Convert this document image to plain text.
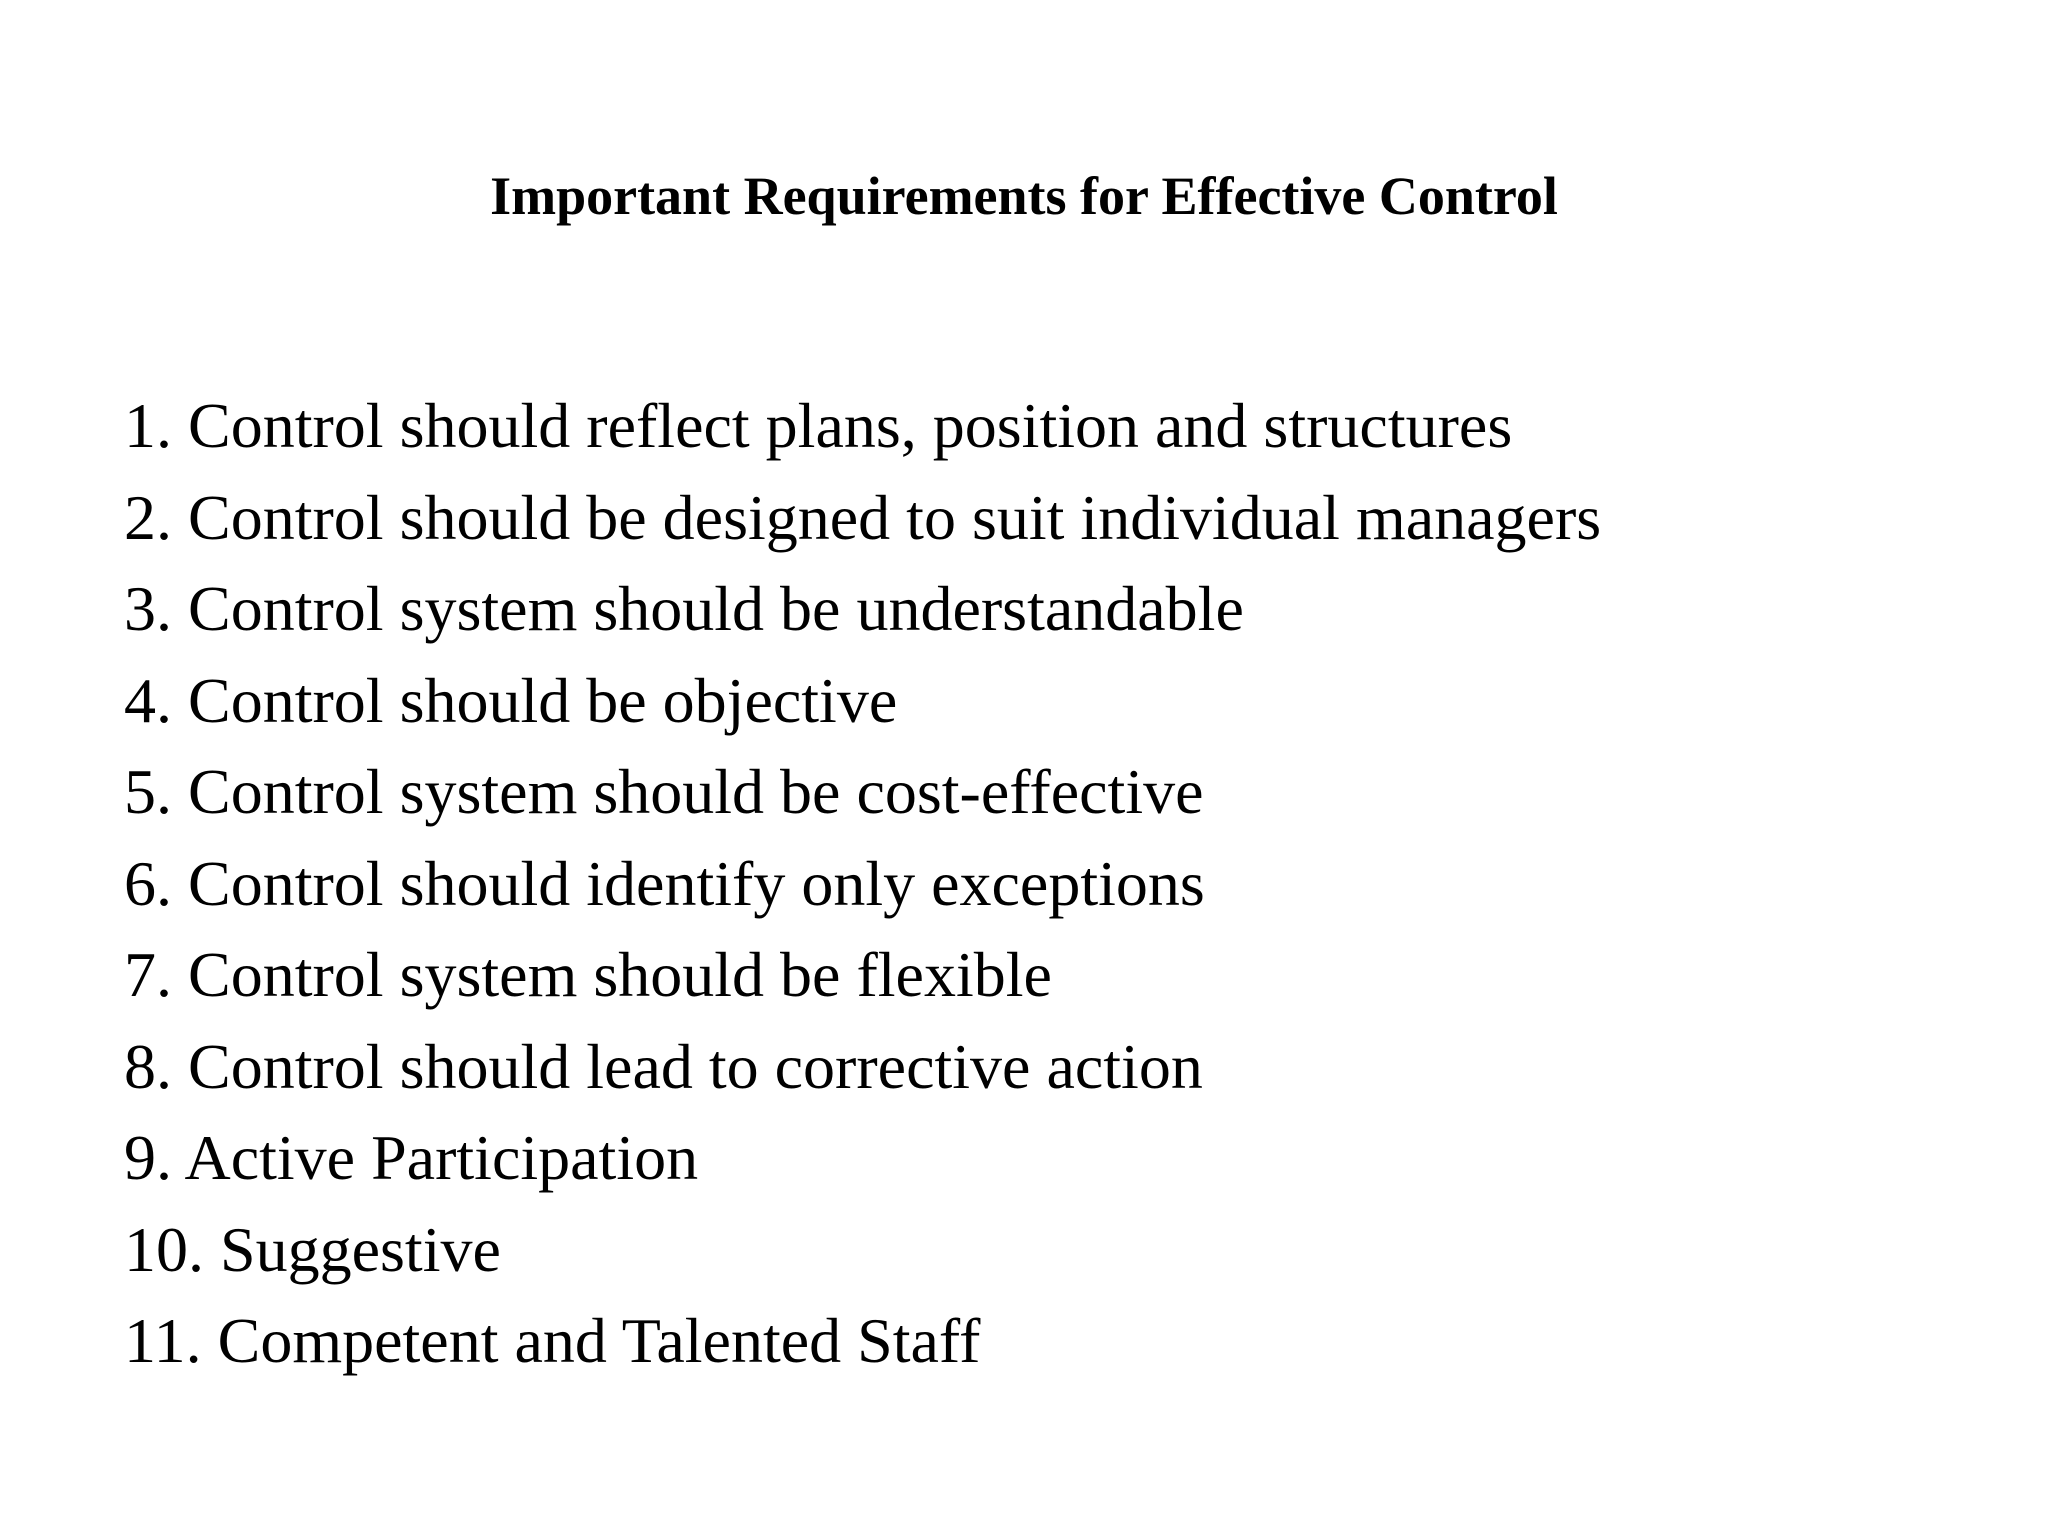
Important Requirements for Effective Control
1. Control should reflect plans, position and structures
2. Control should be designed to suit individual managers
3. Control system should be understandable
4. Control should be objective
5. Control system should be cost-effective
6. Control should identify only exceptions
7. Control system should be flexible
8. Control should lead to corrective action
9. Active Participation
10. Suggestive
11. Competent and Talented Staff
